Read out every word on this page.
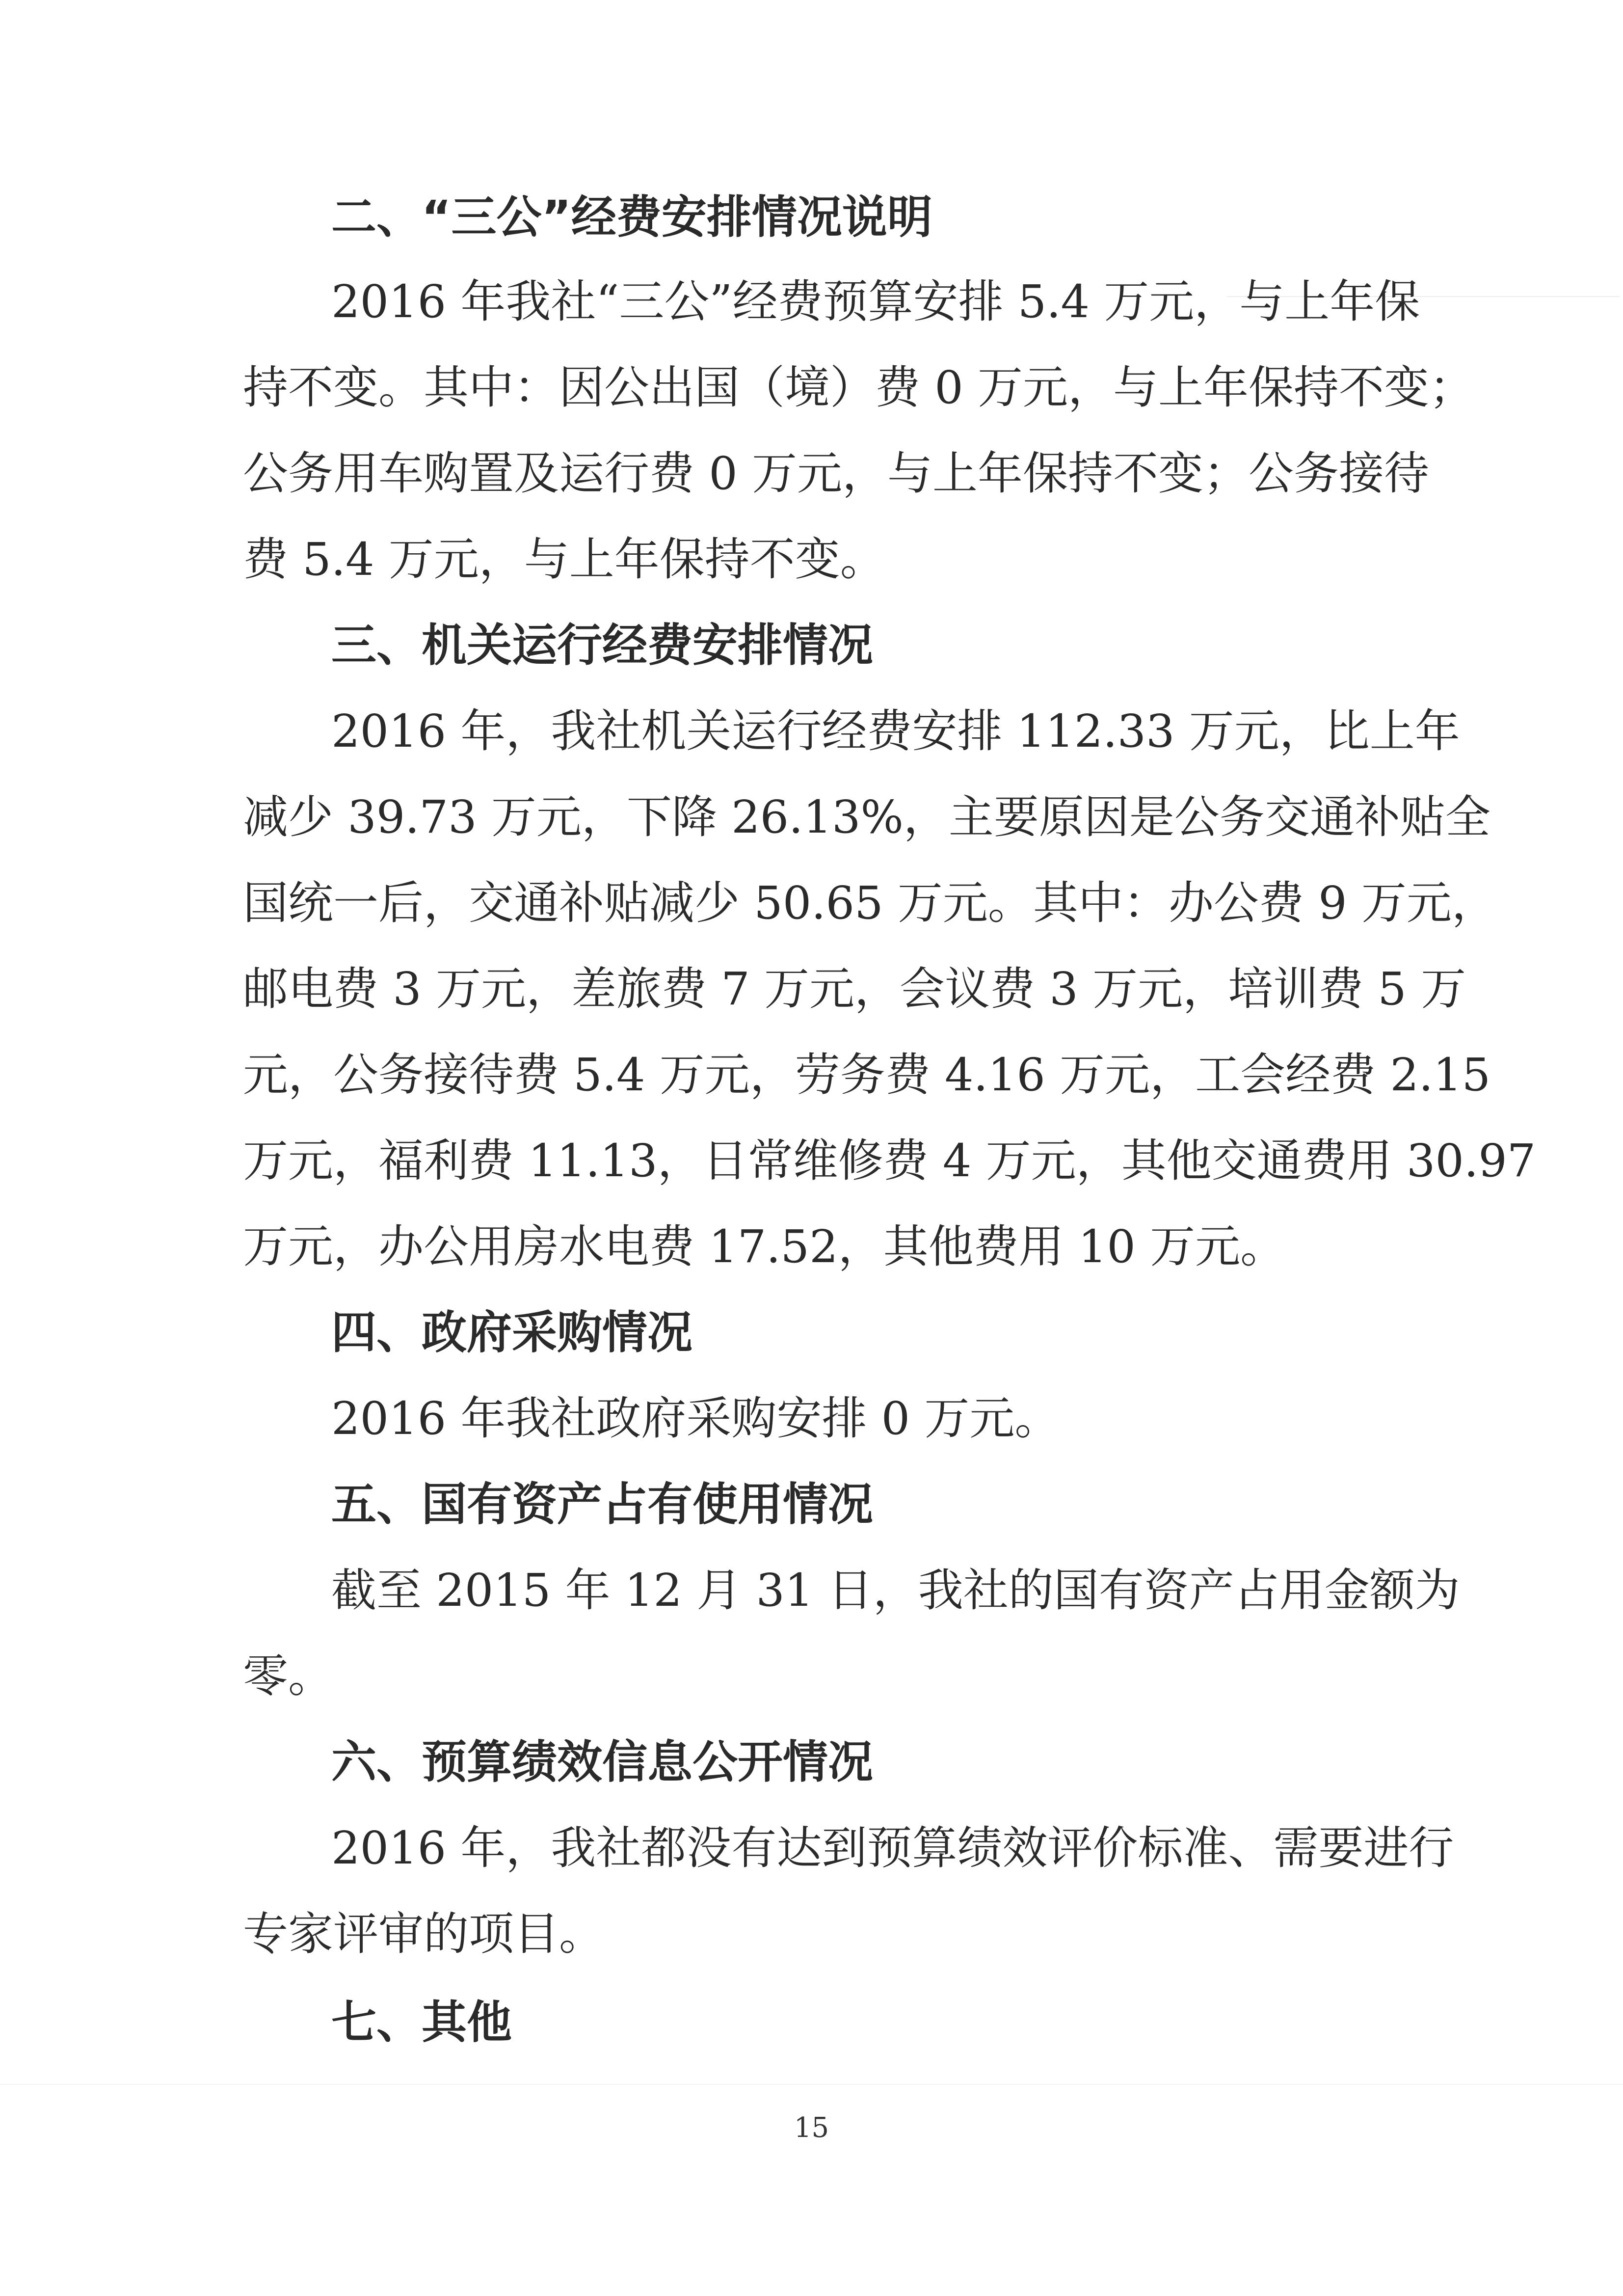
二、“三公”经费安排情况说明

2016 年我社“三公”经费预算安排 5.4 万元，与上年保

持不变。其中：因公出国（境）费 0 万元，与上年保持不变；

公务用车购置及运行费 0 万元，与上年保持不变；公务接待

费 5.4 万元，与上年保持不变。

三、机关运行经费安排情况

2016 年，我社机关运行经费安排 112.33 万元，比上年

减少 39.73 万元，下降 26.13%，主要原因是公务交通补贴全

国统一后，交通补贴减少 50.65 万元。其中：办公费 9 万元，

邮电费 3 万元，差旅费 7 万元，会议费 3 万元，培训费 5 万

元，公务接待费 5.4 万元，劳务费 4.16 万元，工会经费 2.15

万元，福利费 11.13，日常维修费 4 万元，其他交通费用 30.97

万元，办公用房水电费 17.52，其他费用 10 万元。

四、政府采购情况

2016 年我社政府采购安排 0 万元。

五、国有资产占有使用情况

截至 2015 年 12 月 31 日，我社的国有资产占用金额为

零。

六、预算绩效信息公开情况

2016 年，我社都没有达到预算绩效评价标准、需要进行

专家评审的项目。

七、其他
15
